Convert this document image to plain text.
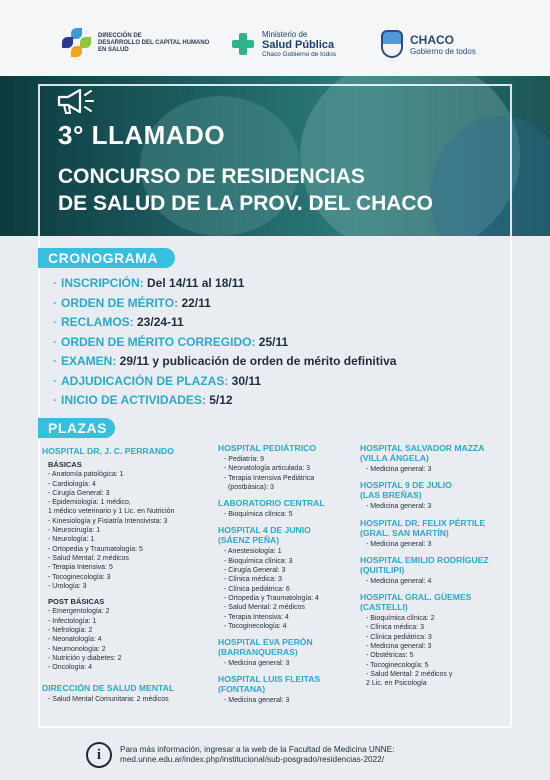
DIRECCIÓN DE
DESARROLLO DEL CAPITAL HUMANO
EN SALUD
Ministerio de
Salud Pública
Chaco Gobierno de todos
CHACO
Gobierno de todos
3° LLAMADO
CONCURSO DE RESIDENCIAS
DE SALUD DE LA PROV. DEL CHACO
CRONOGRAMA
· INSCRIPCIÓN: Del 14/11 al 18/11
· ORDEN DE MÉRITO: 22/11
· RECLAMOS: 23/24-11
· ORDEN DE MÉRITO CORREGIDO: 25/11
· EXAMEN: 29/11 y publicación de orden de mérito definitiva
· ADJUDICACIÓN DE PLAZAS: 30/11
· INICIO DE ACTIVIDADES: 5/12
PLAZAS
HOSPITAL DR. J. C. PERRANDO
BÁSICAS
- Anatomía patológica: 1
- Cardiología: 4
- Cirugía General: 3
- Epidemiología: 1 médico,
1 médico veterinario y 1 Lic. en Nutrición
- Kinesiología y Fisiatría Intensivista: 3
- Neurocirugía: 1
- Neurología: 1
- Ortopedia y Traumatología: 5
- Salud Mental: 2 médicos
- Terapia Intensiva: 5
- Tocoginecología: 3
- Urología: 3
POST BÁSICAS
- Emergentología: 2
- Infectología: 1
- Nefrología: 2
- Neonatología: 4
- Neumonología: 2
- Nutrición y diabetes: 2
- Oncología: 4
DIRECCIÓN DE SALUD MENTAL
- Salud Mental Comunitaria: 2 médicos
HOSPITAL PEDIÁTRICO
- Pediatría: 9
- Neonatología articulada: 3
- Terapia Intensiva Pediátrica
(postbásica): 3
LABORATORIO CENTRAL
- Bioquímica clínica: 5
HOSPITAL 4 DE JUNIO
(SÁENZ PEÑA)
- Anestesiología: 1
- Bioquímica clínica: 3
- Cirugía General: 3
- Clínica médica: 3
- Clínica pediátrica: 6
- Ortopedia y Traumatología: 4
- Salud Mental: 2 médicos
- Terapia Intensiva: 4
- Tocoginecología: 4
HOSPITAL EVA PERÓN
(BARRANQUERAS)
- Medicina general: 3
HOSPITAL LUIS FLEITAS
(FONTANA)
- Medicina general: 3
HOSPITAL SALVADOR MAZZA
(VILLA ÁNGELA)
- Medicina general: 3
HOSPITAL 9 DE JULIO
(LAS BREÑAS)
- Medicina general: 3
HOSPITAL DR. FELIX PÉRTILE
(GRAL. SAN MARTÍN)
- Medicina general: 3
HOSPITAL EMILIO RODRÍGUEZ
(QUITILIPI)
- Medicina general: 4
HOSPITAL GRAL. GÜEMES
(CASTELLI)
- Bioquímica clínica: 2
- Clínica médica: 3
- Clínica pediátrica: 3
- Medicina general: 3
- Obstétricas: 5
- Tocoginecología: 5
- Salud Mental: 2 médicos y
2 Lic. en Psicología
i	Para más información, ingresar a la web de la Facultad de Medicina UNNE:
med.unne.edu.ar/index.php/institucional/sub-posgrado/residencias-2022/
